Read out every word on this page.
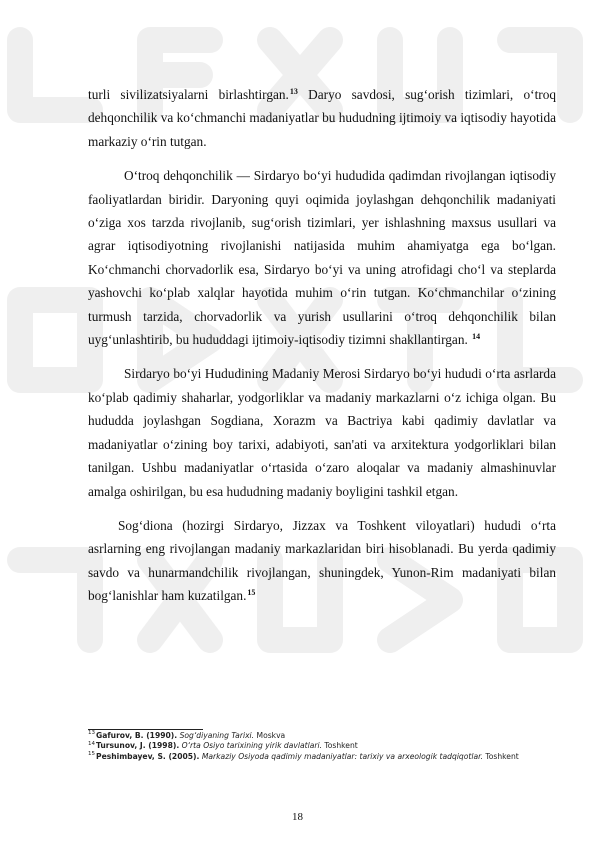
turli sivilizatsiyalarni birlashtirgan.$^{13}$ Daryo savdosi, sug‘orish tizimlari, o‘troq dehqonchilik va ko‘chmanchi madaniyatlar bu hududning ijtimoiy va iqtisodiy hayotida markaziy o‘rin tutgan.

O‘troq dehqonchilik — Sirdaryo bo‘yi hududida qadimdan rivojlangan iqtisodiy faoliyatlardan biridir. Daryoning quyi oqimida joylashgan dehqonchilik madaniyati o‘ziga xos tarzda rivojlanib, sug‘orish tizimlari, yer ishlashning maxsus usullari va agrar iqtisodiyotning rivojlanishi natijasida muhim ahamiyatga ega bo‘lgan. Ko‘chmanchi chorvadorlik esa, Sirdaryo bo‘yi va uning atrofidagi cho‘l va steplarda yashovchi ko‘plab xalqlar hayotida muhim o‘rin tutgan. Ko‘chmanchilar o‘zining turmush tarzida, chorvadorlik va yurish usullarini o‘troq dehqonchilik bilan uyg‘unlashtirib, bu hududdagi ijtimoiy-iqtisodiy tizimni shakllantirgan. $^{14}$

Sirdaryo bo‘yi Hududining Madaniy Merosi Sirdaryo bo‘yi hududi o‘rta asrlarda ko‘plab qadimiy shaharlar, yodgorliklar va madaniy markazlarni o‘z ichiga olgan. Bu hududda joylashgan Sogdiana, Xorazm va Bactriya kabi qadimiy davlatlar va madaniyatlar o‘zining boy tarixi, adabiyoti, san'ati va arxitektura yodgorliklari bilan tanilgan. Ushbu madaniyatlar o‘rtasida o‘zaro aloqalar va madaniy almashinuvlar amalga oshirilgan, bu esa hududning madaniy boyligini tashkil etgan.

Sog‘diona (hozirgi Sirdaryo, Jizzax va Toshkent viloyatlari) hududi o‘rta asrlarning eng rivojlangan madaniy markazlaridan biri hisoblanadi. Bu yerda qadimiy savdo va hunarmandchilik rivojlangan, shuningdek, Yunon-Rim madaniyati bilan bog‘lanishlar ham kuzatilgan.$^{15}$

$^{13}$Gafurov, B. (1990). Sog‘diyaning Tarixi. Moskva
$^{14}$Tursunov, J. (1998). O‘rta Osiyo tarixining yirik davlatlari. Toshkent
$^{15}$Peshimbayev, S. (2005). Markaziy Osiyoda qadimiy madaniyatlar: tarixiy va arxeologik tadqiqotlar. Toshkent
18
